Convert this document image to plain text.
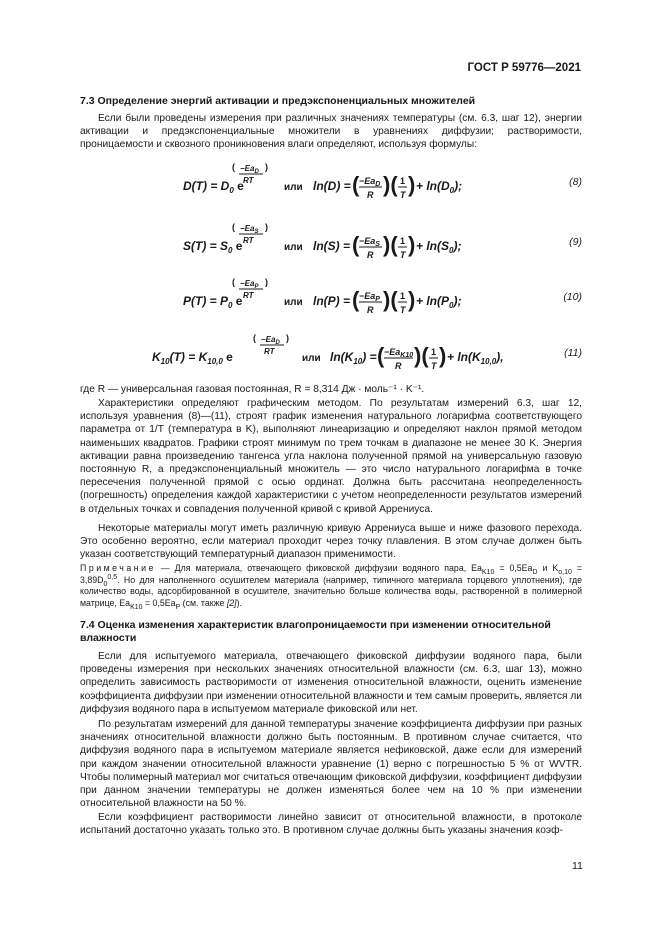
ГОСТ Р 59776—2021
7.3 Определение энергий активации и предэкспоненциальных множителей

Если были проведены измерения при различных значениях температуры (см. 6.3, шаг 12), энергии активации и предэкспоненциальные множители в уравнениях диффузии; растворимости, проницаемости и сквозного проникновения влаги определяют, используя формулы:

$D(T) = D_0$ e
( $-Ea_D$
RT
)
или ln(D) = ( $-Ea_D$
R )( 1
T ) + $\ln(D_0)$;	(8)
$S(T) = S_0$ e
( $-Ea_S$
RT
)
или ln(S) = ( $-Ea_S$
R )( 1
T ) + $\ln(S_0)$;	(9)
$P(T) = P_0$ e
( $-Ea_P$
RT
)
или ln(P) = ( $-Ea_P$
R )( 1
T ) + $\ln(P_0)$;	(10)
$K_{10}(T) = K_{10,0}$ e
( $-Ea_D$
RT
)
или $\ln(K_{10})$ = ( $-Ea_{K10}$
R )( 1
T ) + $\ln(K_{10,0})$,	(11)

где R — универсальная газовая постоянная, R = 8,314 Дж · моль⁻¹ · K⁻¹.

Характеристики определяют графическим методом. По результатам измерений 6.3, шаг 12, используя уравнения (8)—(11), строят график изменения натурального логарифма соответствующего параметра от 1/T (температура в K), выполняют линеаризацию и определяют наклон прямой методом наименьших квадратов. Графики строят минимум по трем точкам в диапазоне не менее 30 K. Энергия активации равна произведению тангенса угла наклона полученной прямой на универсальную газовую постоянную R, а предэкспоненциальный множитель — это число натурального логарифма в точке пересечения полученной прямой с осью ординат. Должна быть рассчитана неопределенность (погрешность) определения каждой характеристики с учетом неопределенности результатов измерений в отдельных точках и совпадения полученной кривой с кривой Аррениуса.

Некоторые материалы могут иметь различную кривую Аррениуса выше и ниже фазового перехода. Это особенно вероятно, если материал проходит через точку плавления. В этом случае должен быть указан соответствующий температурный диапазон применимости.

Примечание — Для материала, отвечающего фиковской диффузии водяного пара, $Ea_{K10} = 0,5Ea_D$ и $K_{o,10} = 3,89D_0^{0,5}$. Но для наполненного осушителем материала (например, типичного материала торцевого уплотнения), где количество воды, адсорбированной в осушителе, значительно больше количества воды, растворенной в полимерной матрице, $Ea_{K10} = 0,5Ea_P$ (см. также [2]).

7.4 Оценка изменения характеристик влагопроницаемости при изменении относительной влажности

Если для испытуемого материала, отвечающего фиковской диффузии водяного пара, были проведены измерения при нескольких значениях относительной влажности (см. 6.3, шаг 13), можно определить зависимость растворимости от изменения относительной влажности, оценить изменение коэффициента диффузии при изменении относительной влажности и тем самым проверить, является ли диффузия водяного пара в испытуемом материале фиковской или нет.

По результатам измерений для данной температуры значение коэффициента диффузии при разных значениях относительной влажности должно быть постоянным. В противном случае считается, что диффузия водяного пара в испытуемом материале является нефиковской, даже если для измерений при каждом значении относительной влажности уравнение (1) верно с погрешностью 5 % от WVTR. Чтобы полимерный материал мог считаться отвечающим фиковской диффузии, коэффициент диффузии при данном значении температуры не должен изменяться более чем на 10 % при изменении относительной влажности на 50 %.

Если коэффициент растворимости линейно зависит от относительной влажности, в протоколе испытаний достаточно указать только это. В противном случае должны быть указаны значения коэф-

11
